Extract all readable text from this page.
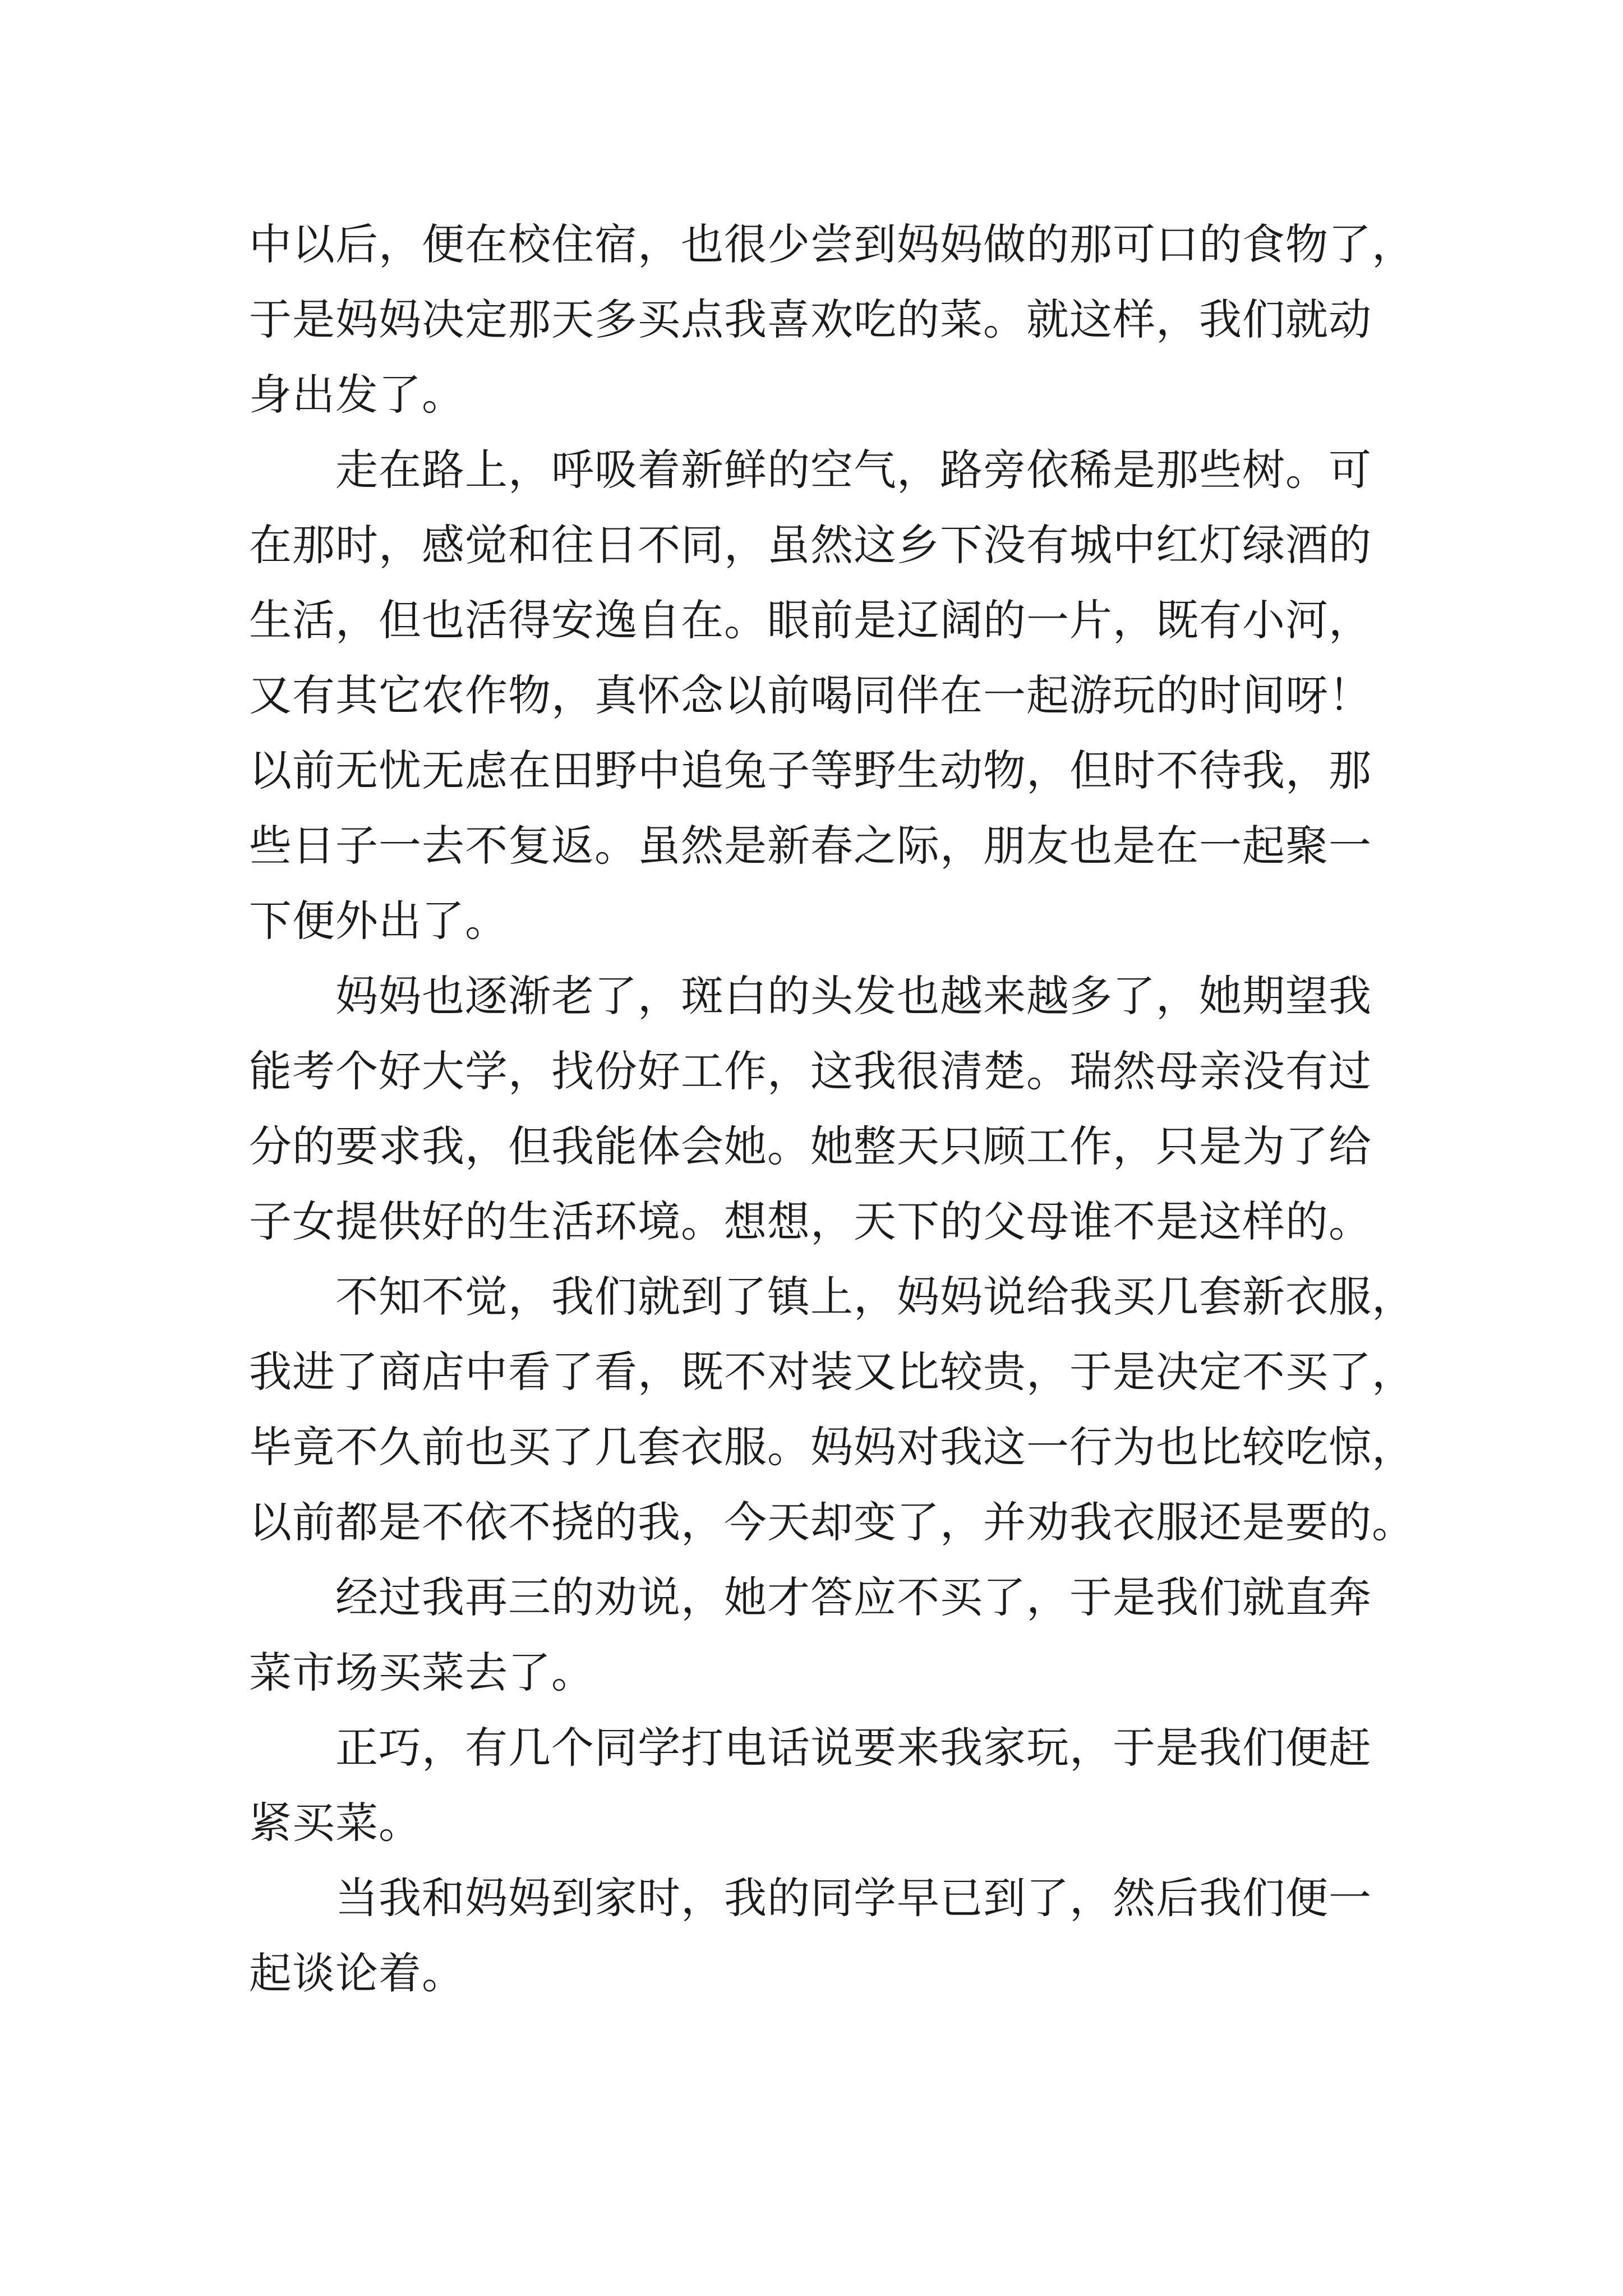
中以后，便在校住宿，也很少尝到妈妈做的那可口的食物了，
于是妈妈决定那天多买点我喜欢吃的菜。就这样，我们就动
身出发了。
走在路上，呼吸着新鲜的空气，路旁依稀是那些树。可
在那时，感觉和往日不同，虽然这乡下没有城中红灯绿酒的
生活，但也活得安逸自在。眼前是辽阔的一片，既有小河，
又有其它农作物，真怀念以前喝同伴在一起游玩的时间呀！
以前无忧无虑在田野中追兔子等野生动物，但时不待我，那
些日子一去不复返。虽然是新春之际，朋友也是在一起聚一
下便外出了。
妈妈也逐渐老了，斑白的头发也越来越多了，她期望我
能考个好大学，找份好工作，这我很清楚。瑞然母亲没有过
分的要求我，但我能体会她。她整天只顾工作，只是为了给
子女提供好的生活环境。想想，天下的父母谁不是这样的。
不知不觉，我们就到了镇上，妈妈说给我买几套新衣服，
我进了商店中看了看，既不对装又比较贵，于是决定不买了，
毕竟不久前也买了几套衣服。妈妈对我这一行为也比较吃惊，
以前都是不依不挠的我，今天却变了，并劝我衣服还是要的。
经过我再三的劝说，她才答应不买了，于是我们就直奔
菜市场买菜去了。
正巧，有几个同学打电话说要来我家玩，于是我们便赶
紧买菜。
当我和妈妈到家时，我的同学早已到了，然后我们便一
起谈论着。
